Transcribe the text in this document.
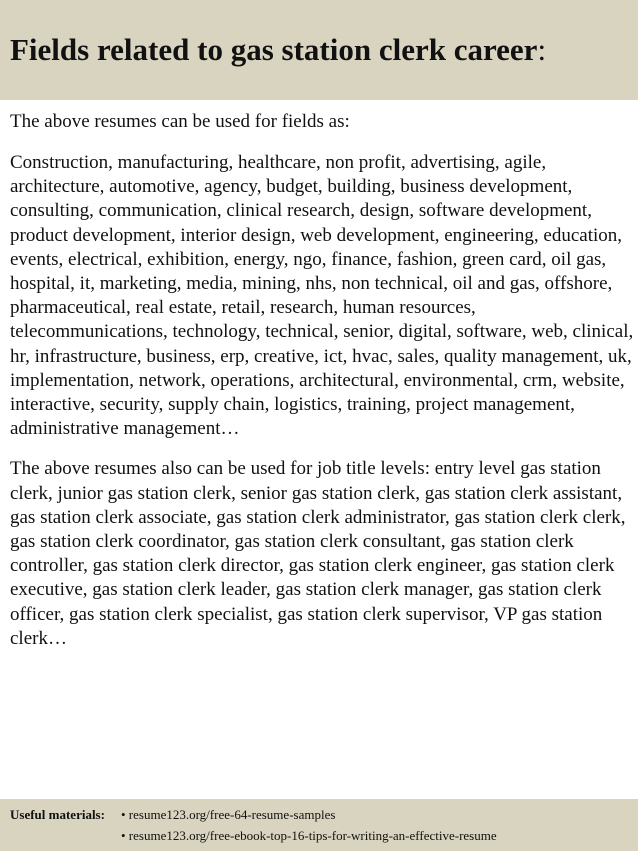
Fields related to gas station clerk career:

The above resumes can be used for fields as:

Construction, manufacturing, healthcare, non profit, advertising, agile, architecture, automotive, agency, budget, building, business development, consulting, communication, clinical research, design, software development, product development, interior design, web development, engineering, education, events, electrical, exhibition, energy, ngo, finance, fashion, green card, oil gas, hospital, it, marketing, media, mining, nhs, non technical, oil and gas, offshore, pharmaceutical, real estate, retail, research, human resources, telecommunications, technology, technical, senior, digital, software, web, clinical, hr, infrastructure, business, erp, creative, ict, hvac, sales, quality management, uk, implementation, network, operations, architectural, environmental, crm, website, interactive, security, supply chain, logistics, training, project management, administrative management…

The above resumes also can be used for job title levels: entry level gas station clerk, junior gas station clerk, senior gas station clerk, gas station clerk assistant, gas station clerk associate, gas station clerk administrator, gas station clerk clerk, gas station clerk coordinator, gas station clerk consultant, gas station clerk controller, gas station clerk director, gas station clerk engineer, gas station clerk executive, gas station clerk leader, gas station clerk manager, gas station clerk officer, gas station clerk specialist, gas station clerk supervisor, VP gas station clerk…

Useful materials: • resume123.org/free-64-resume-samples
• resume123.org/free-ebook-top-16-tips-for-writing-an-effective-resume
